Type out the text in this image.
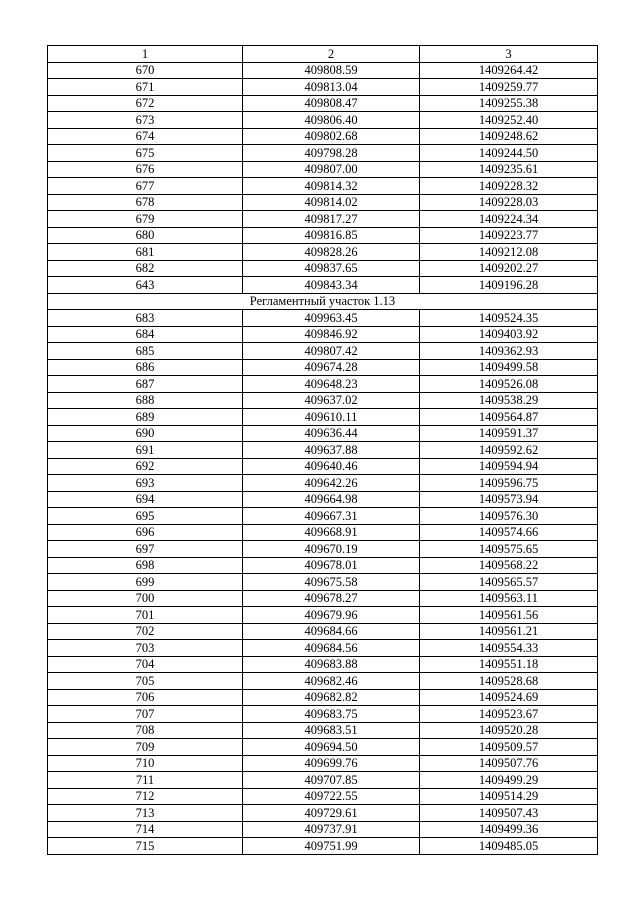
1	2	3
670	409808.59	1409264.42
671	409813.04	1409259.77
672	409808.47	1409255.38
673	409806.40	1409252.40
674	409802.68	1409248.62
675	409798.28	1409244.50
676	409807.00	1409235.61
677	409814.32	1409228.32
678	409814.02	1409228.03
679	409817.27	1409224.34
680	409816.85	1409223.77
681	409828.26	1409212.08
682	409837.65	1409202.27
643	409843.34	1409196.28
Регламентный участок 1.13		
683	409963.45	1409524.35
684	409846.92	1409403.92
685	409807.42	1409362.93
686	409674.28	1409499.58
687	409648.23	1409526.08
688	409637.02	1409538.29
689	409610.11	1409564.87
690	409636.44	1409591.37
691	409637.88	1409592.62
692	409640.46	1409594.94
693	409642.26	1409596.75
694	409664.98	1409573.94
695	409667.31	1409576.30
696	409668.91	1409574.66
697	409670.19	1409575.65
698	409678.01	1409568.22
699	409675.58	1409565.57
700	409678.27	1409563.11
701	409679.96	1409561.56
702	409684.66	1409561.21
703	409684.56	1409554.33
704	409683.88	1409551.18
705	409682.46	1409528.68
706	409682.82	1409524.69
707	409683.75	1409523.67
708	409683.51	1409520.28
709	409694.50	1409509.57
710	409699.76	1409507.76
711	409707.85	1409499.29
712	409722.55	1409514.29
713	409729.61	1409507.43
714	409737.91	1409499.36
715	409751.99	1409485.05
